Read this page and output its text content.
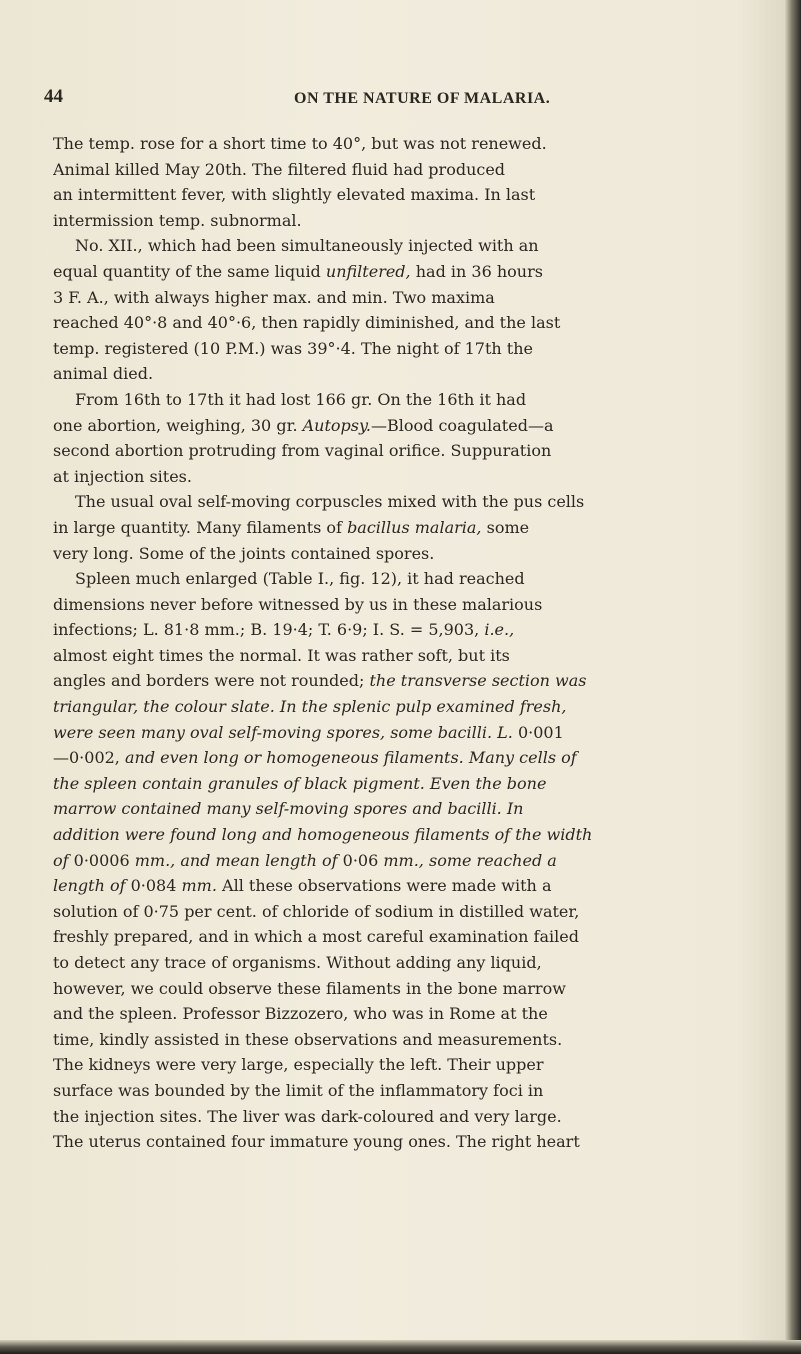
44	ON THE NATURE OF MALARIA.
The temp. rose for a short time to 40°, but was not renewed.
Animal killed May 20th. The filtered fluid had produced
an intermittent fever, with slightly elevated maxima. In last
intermission temp. subnormal.
No. XII., which had been simultaneously injected with an
equal quantity of the same liquid unfiltered, had in 36 hours
3 F. A., with always higher max. and min. Two maxima
reached 40°·8 and 40°·6, then rapidly diminished, and the last
temp. registered (10 P.M.) was 39°·4. The night of 17th the
animal died.
From 16th to 17th it had lost 166 gr. On the 16th it had
one abortion, weighing, 30 gr. Autopsy.—Blood coagulated—a
second abortion protruding from vaginal orifice. Suppuration
at injection sites.
The usual oval self-moving corpuscles mixed with the pus cells
in large quantity. Many filaments of bacillus malaria, some
very long. Some of the joints contained spores.
Spleen much enlarged (Table I., fig. 12), it had reached
dimensions never before witnessed by us in these malarious
infections; L. 81·8 mm.; B. 19·4; T. 6·9; I. S. = 5,903, i.e.,
almost eight times the normal. It was rather soft, but its
angles and borders were not rounded; the transverse section was
triangular, the colour slate. In the splenic pulp examined fresh,
were seen many oval self-moving spores, some bacilli. L. 0·001
—0·002, and even long or homogeneous filaments. Many cells of
the spleen contain granules of black pigment. Even the bone
marrow contained many self-moving spores and bacilli. In
addition were found long and homogeneous filaments of the width
of 0·0006 mm., and mean length of 0·06 mm., some reached a
length of 0·084 mm. All these observations were made with a
solution of 0·75 per cent. of chloride of sodium in distilled water,
freshly prepared, and in which a most careful examination failed
to detect any trace of organisms. Without adding any liquid,
however, we could observe these filaments in the bone marrow
and the spleen. Professor Bizzozero, who was in Rome at the
time, kindly assisted in these observations and measurements.
The kidneys were very large, especially the left. Their upper
surface was bounded by the limit of the inflammatory foci in
the injection sites. The liver was dark-coloured and very large.
The uterus contained four immature young ones. The right heart
